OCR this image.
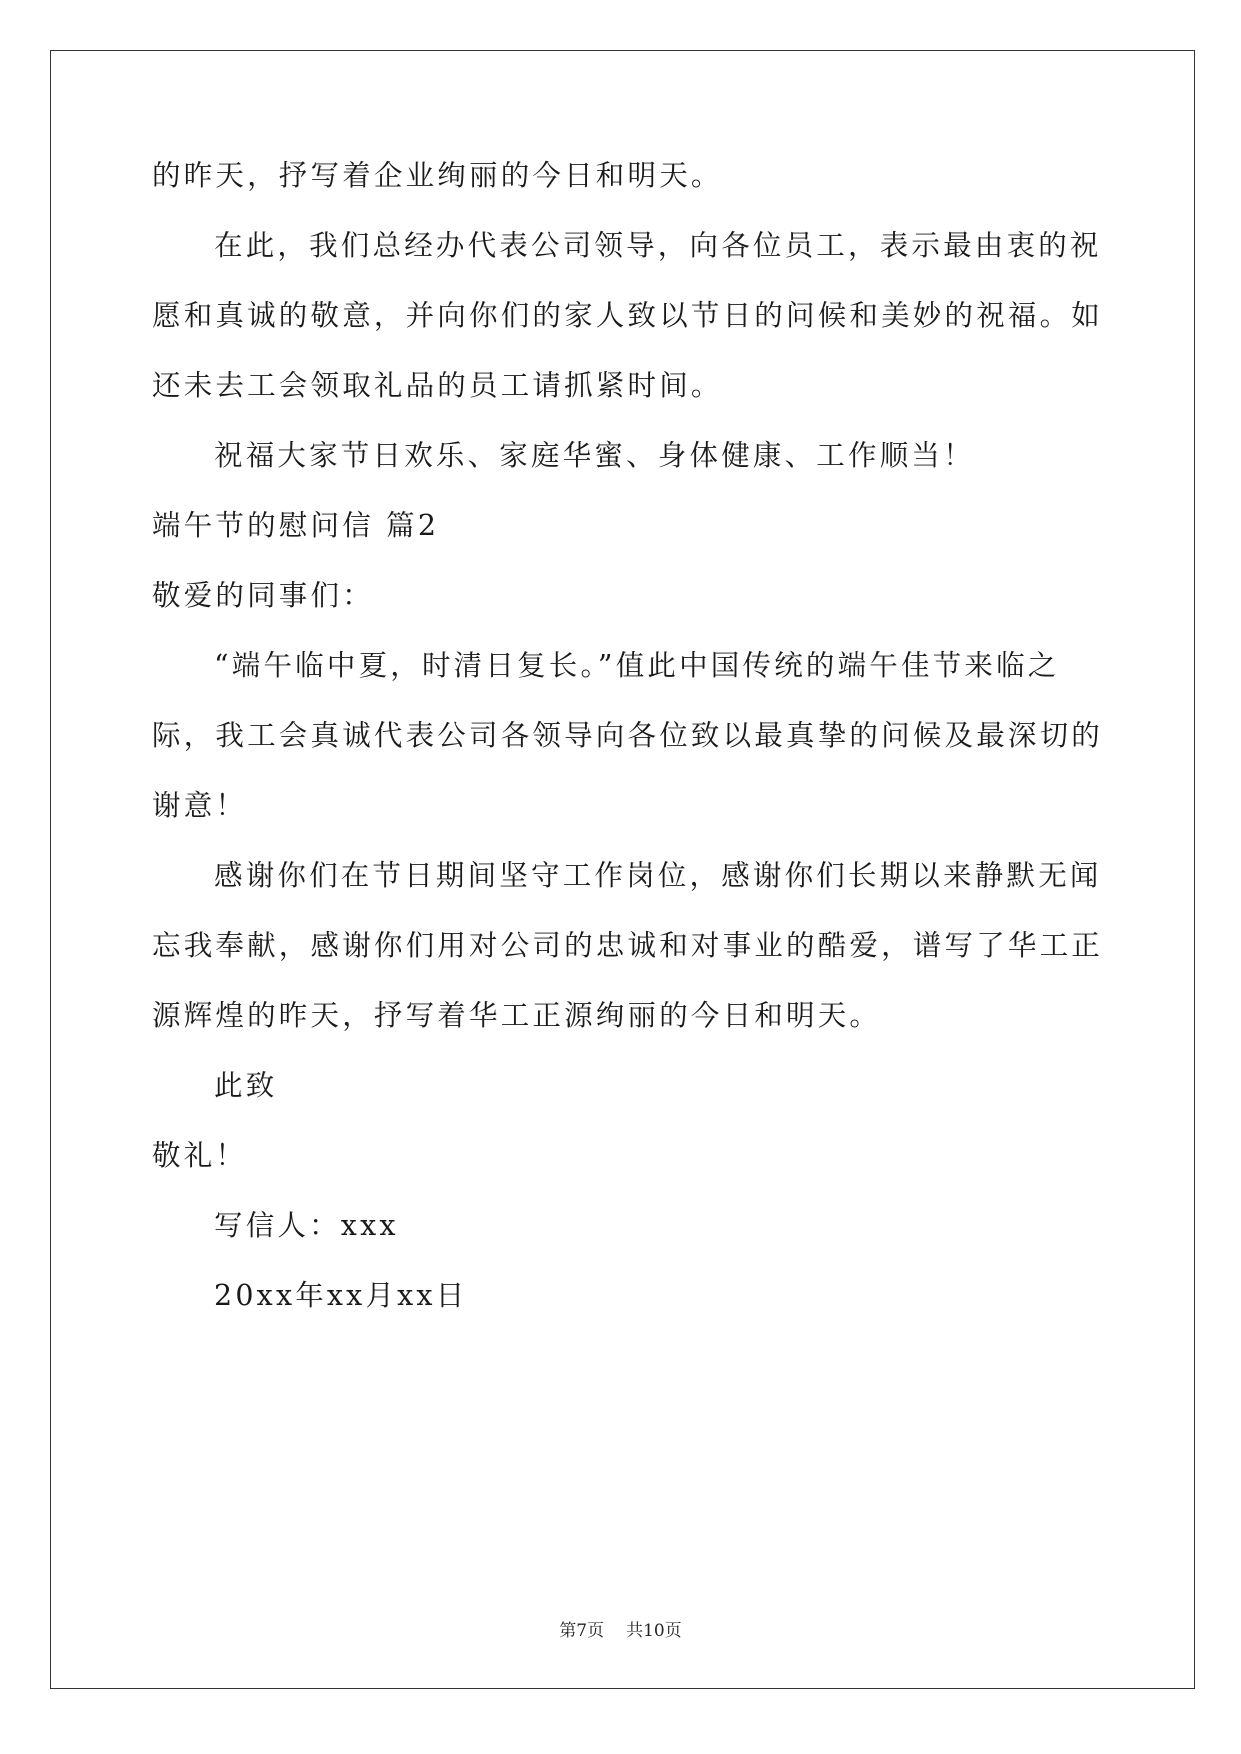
的昨天，抒写着企业绚丽的今日和明天。
在此，我们总经办代表公司领导，向各位员工，表示最由衷的祝
愿和真诚的敬意，并向你们的家人致以节日的问候和美妙的祝福。如
还未去工会领取礼品的员工请抓紧时间。
祝福大家节日欢乐、家庭华蜜、身体健康、工作顺当！
端午节的慰问信 篇2
敬爱的同事们：
“端午临中夏，时清日复长。”值此中国传统的端午佳节来临之
际，我工会真诚代表公司各领导向各位致以最真挚的问候及最深切的
谢意！
感谢你们在节日期间坚守工作岗位，感谢你们长期以来静默无闻
忘我奉献，感谢你们用对公司的忠诚和对事业的酷爱，谱写了华工正
源辉煌的昨天，抒写着华工正源绚丽的今日和明天。
此致
敬礼！
写信人：xxx
20xx年xx月xx日
第7页 共10页
